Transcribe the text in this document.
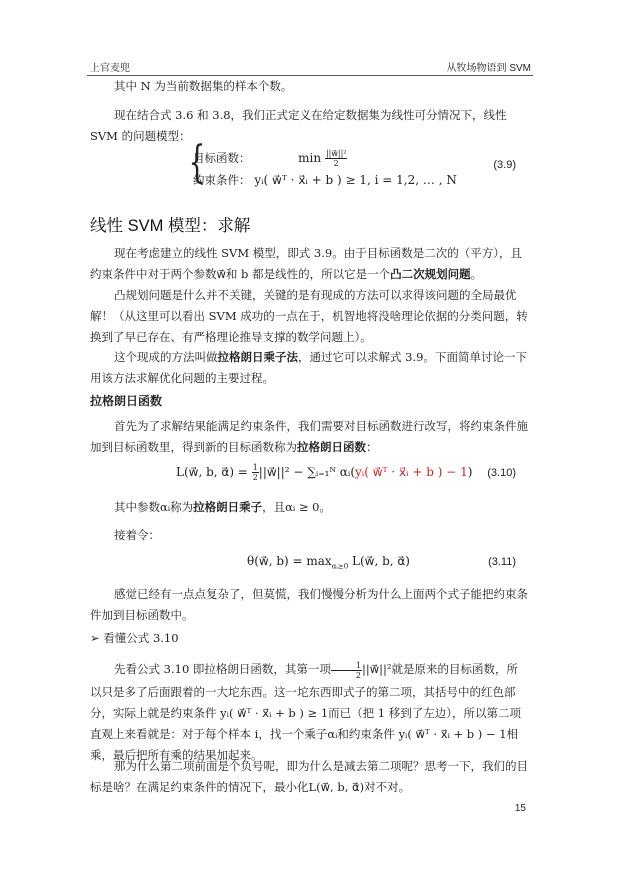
上官麦兜	从牧场物语到 SVM
其中 N 为当前数据集的样本个数。
现在结合式 3.6 和 3.8，我们正式定义在给定数据集为线性可分情况下，线性 SVM 的问题模型：
{
目标函数：	$\min \frac{\text{||w⃗||²}}{2}$
约束条件： yᵢ( w⃗ᵀ · x⃗ᵢ + b ) ≥ 1, i = 1,2, … , N
(3.9)
线性 SVM 模型：求解
现在考虑建立的线性 SVM 模型，即式 3.9。由于目标函数是二次的（平方），且约束条件中对于两个参数w⃗和 b 都是线性的，所以它是一个凸二次规划问题。
凸规划问题是什么并不关键，关键的是有现成的方法可以求得该问题的全局最优解！（从这里可以看出 SVM 成功的一点在于，机智地将没啥理论依据的分类问题，转换到了早已存在、有严格理论推导支撑的数学问题上）。
这个现成的方法叫做拉格朗日乘子法，通过它可以求解式 3.9。下面简单讨论一下用该方法求解优化问题的主要过程。
拉格朗日函数
首先为了求解结果能满足约束条件，我们需要对目标函数进行改写，将约束条件施加到目标函数里，得到新的目标函数称为拉格朗日函数：
L(w⃗, b, α⃗) = $\frac{1}{2}$ ||w⃗||² − ∑ᵢ₌₁ᴺ αᵢ(yᵢ( w⃗ᵀ · x⃗ᵢ + b ) − 1) (3.10)
其中参数αᵢ称为拉格朗日乘子，且αᵢ ≥ 0。
接着令：
θ(w⃗, $b) = \max_{\alpha ᵢ\ge 0}$ L(w⃗, b, α⃗)	(3.11)
感觉已经有一点点复杂了，但莫慌，我们慢慢分析为什么上面两个式子能把约束条件加到目标函数中。
➢ 看懂公式 3.10
先看公式 3.10 即拉格朗日函数，其第一项 $\frac{1}{2}$ ||w⃗||²就是原来的目标函数，所
以只是多了后面跟着的一大坨东西。这一坨东西即式子的第二项，其括号中的红色部分，实际上就是约束条件 yᵢ( w⃗ᵀ · x⃗ᵢ + b ) ≥ 1而已（把 1 移到了左边），所以第二项直观上来看就是：对于每个样本 i，找一个乘子αᵢ和约束条件 yᵢ( w⃗ᵀ · x⃗ᵢ + b ) − 1相乘，最后把所有乘的结果加起来。
那为什么第二项前面是个负号呢，即为什么是减去第二项呢？思考一下，我们的目标是啥？在满足约束条件的情况下，最小化L(w⃗, b, α⃗)对不对。
15
